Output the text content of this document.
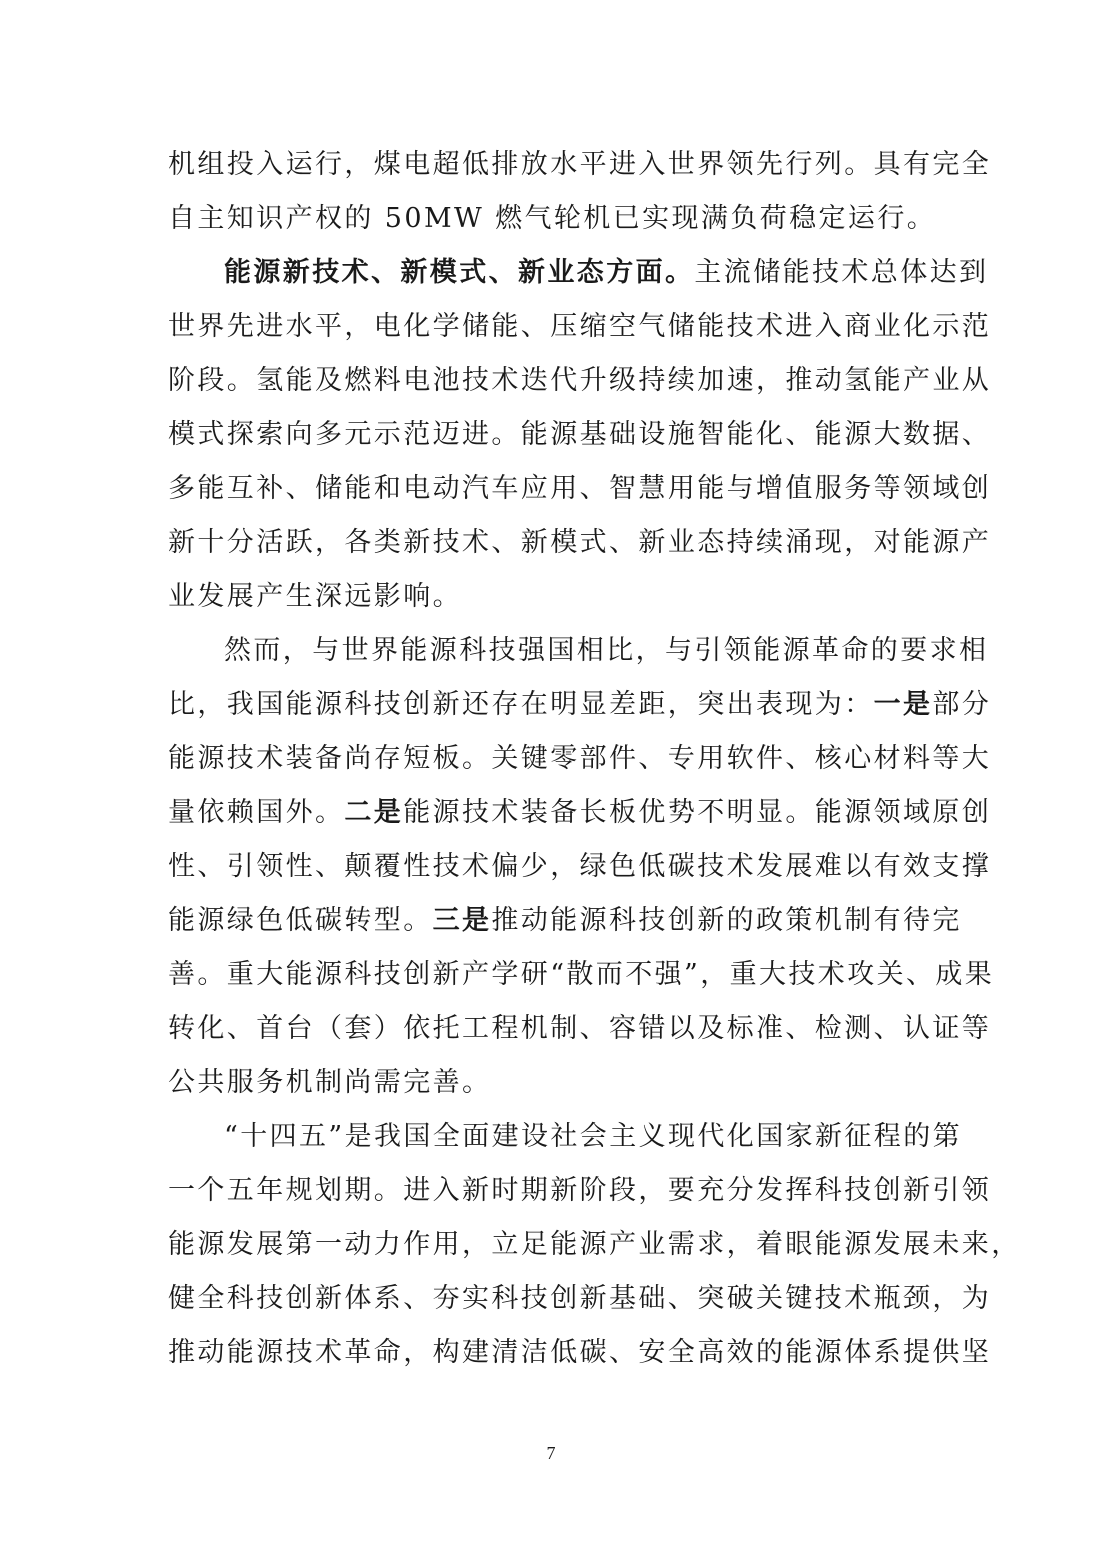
机组投入运行，煤电超低排放水平进入世界领先行列。具有完全
自主知识产权的 50MW 燃气轮机已实现满负荷稳定运行。
能源新技术、新模式、新业态方面。主流储能技术总体达到
世界先进水平，电化学储能、压缩空气储能技术进入商业化示范
阶段。氢能及燃料电池技术迭代升级持续加速，推动氢能产业从
模式探索向多元示范迈进。能源基础设施智能化、能源大数据、
多能互补、储能和电动汽车应用、智慧用能与增值服务等领域创
新十分活跃，各类新技术、新模式、新业态持续涌现，对能源产
业发展产生深远影响。
然而，与世界能源科技强国相比，与引领能源革命的要求相
比，我国能源科技创新还存在明显差距，突出表现为：一是部分
能源技术装备尚存短板。关键零部件、专用软件、核心材料等大
量依赖国外。二是能源技术装备长板优势不明显。能源领域原创
性、引领性、颠覆性技术偏少，绿色低碳技术发展难以有效支撑
能源绿色低碳转型。三是推动能源科技创新的政策机制有待完
善。重大能源科技创新产学研“散而不强”，重大技术攻关、成果
转化、首台（套）依托工程机制、容错以及标准、检测、认证等
公共服务机制尚需完善。
“十四五”是我国全面建设社会主义现代化国家新征程的第
一个五年规划期。进入新时期新阶段，要充分发挥科技创新引领
能源发展第一动力作用，立足能源产业需求，着眼能源发展未来，
健全科技创新体系、夯实科技创新基础、突破关键技术瓶颈，为
推动能源技术革命，构建清洁低碳、安全高效的能源体系提供坚
7
